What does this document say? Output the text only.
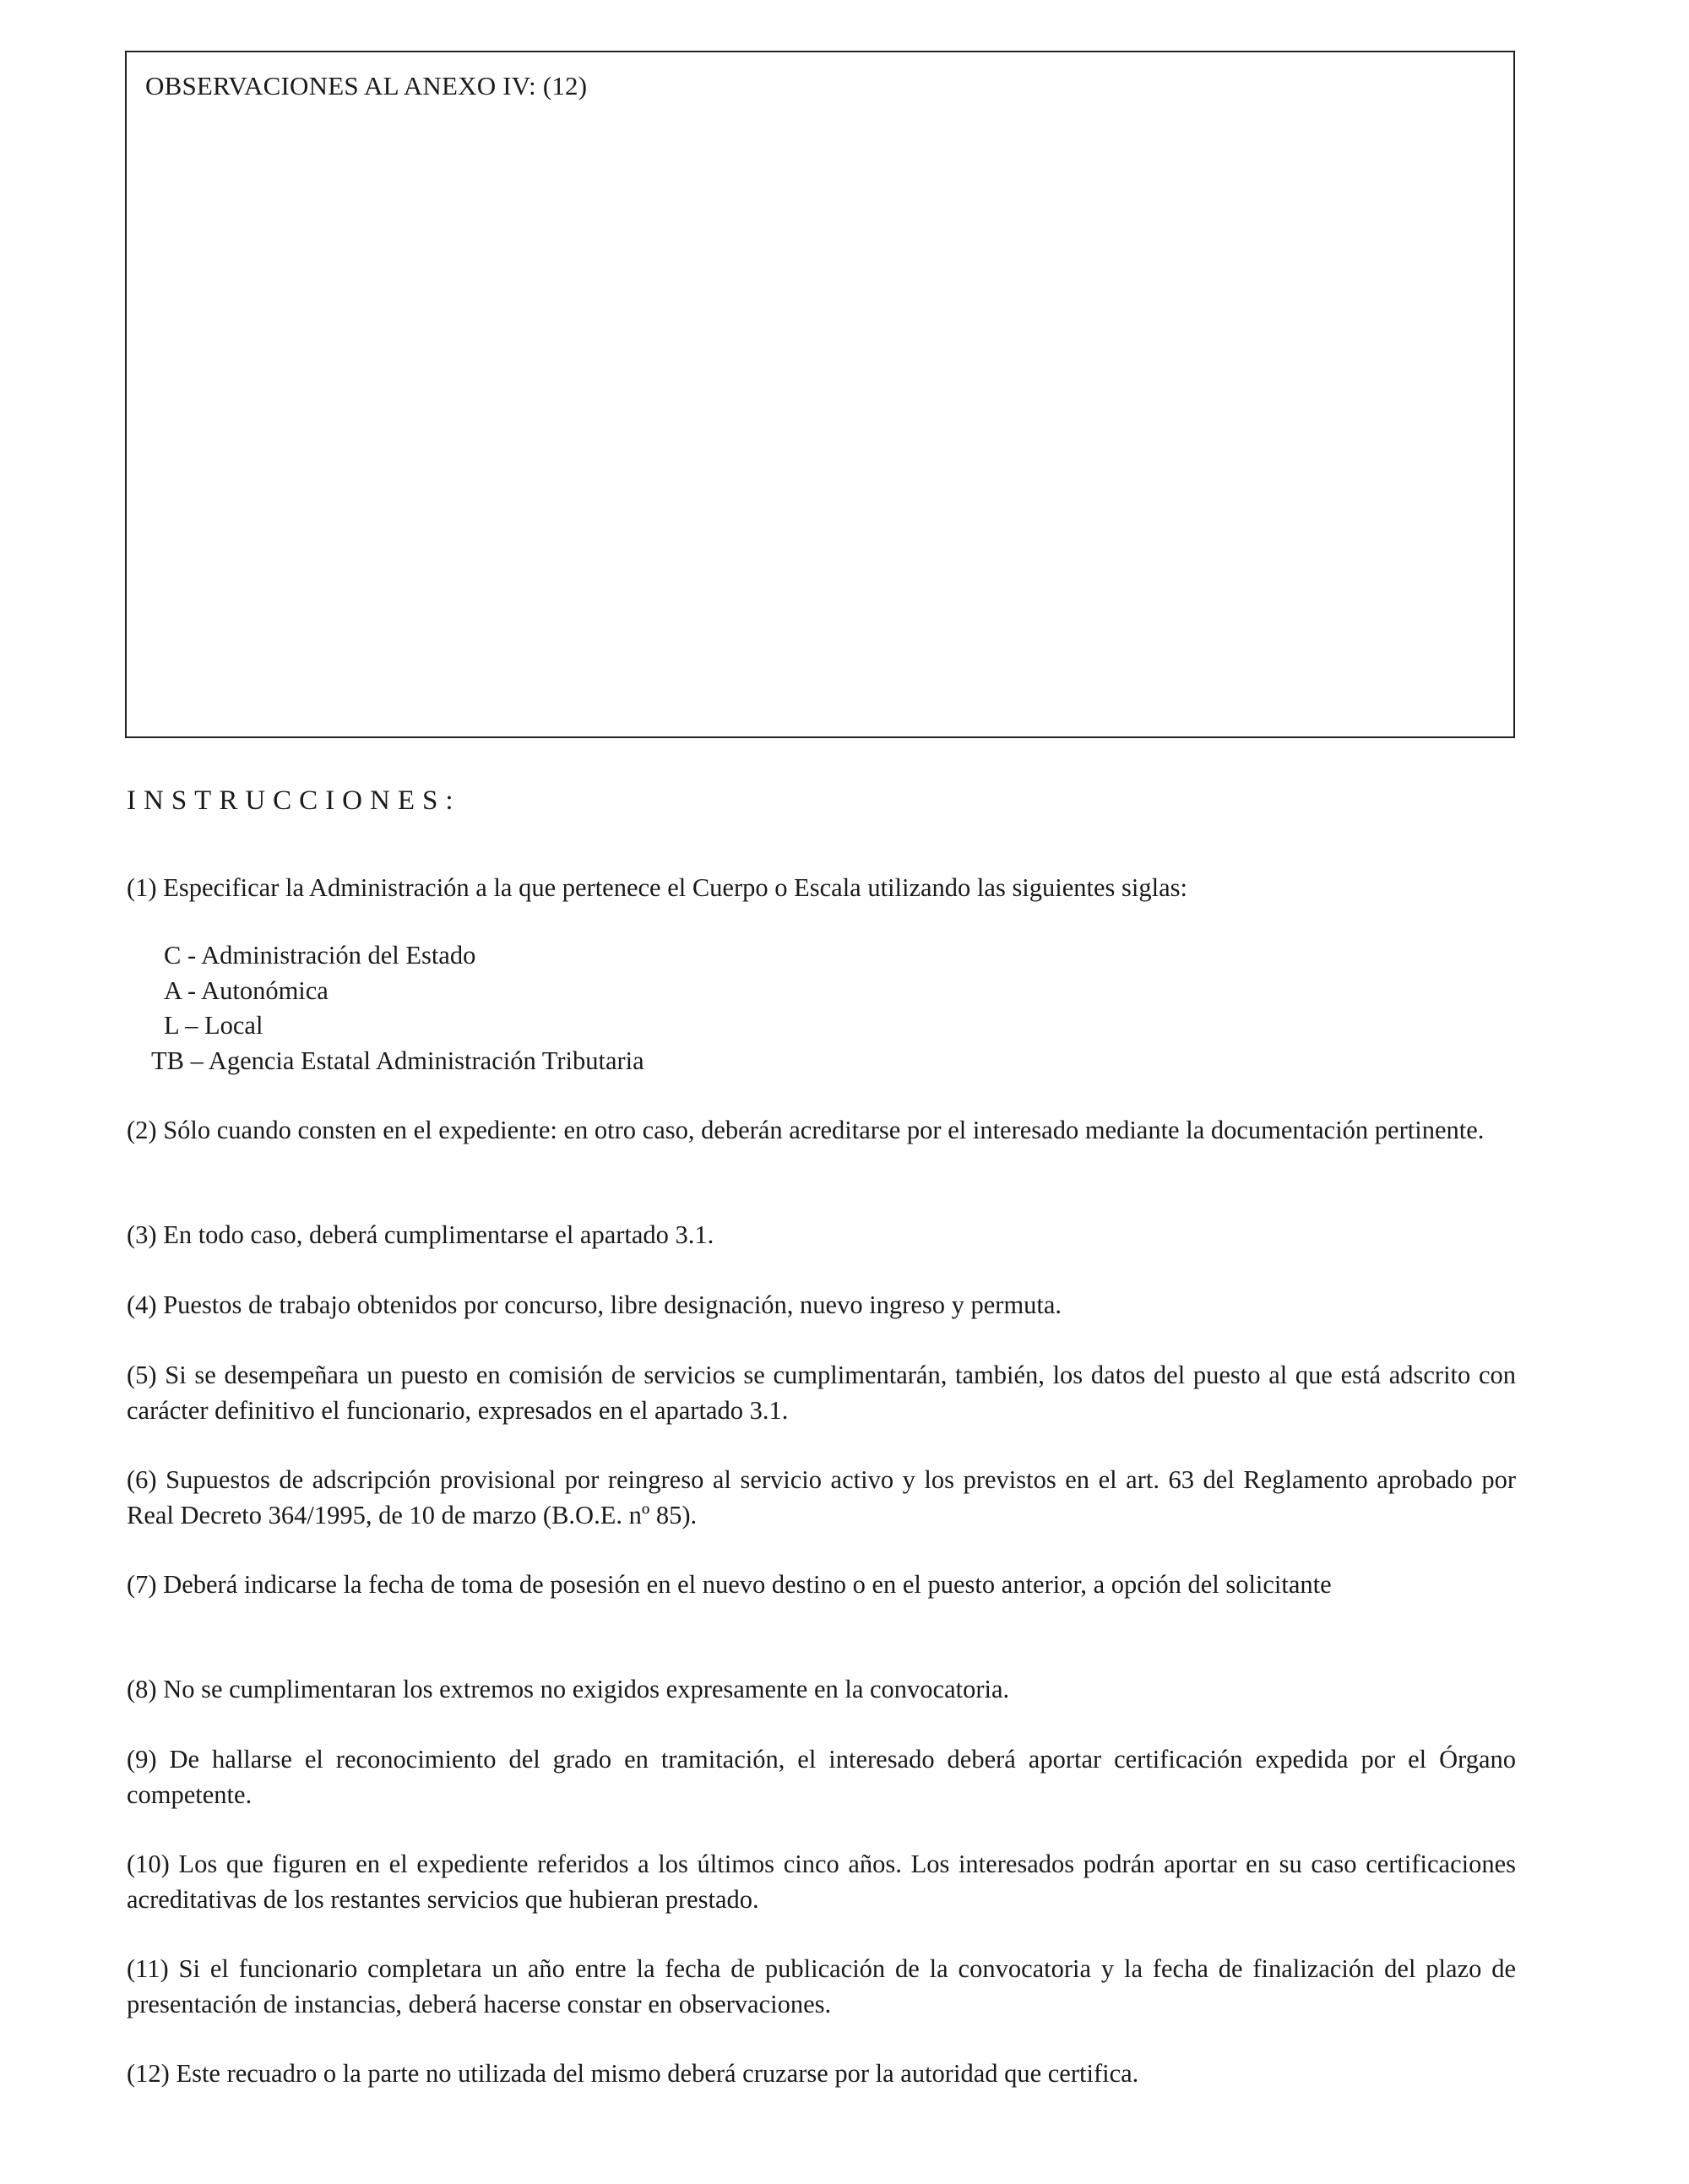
OBSERVACIONES AL ANEXO IV: (12)
INSTRUCCIONES:

(1) Especificar la Administración a la que pertenece el Cuerpo o Escala utilizando las siguientes siglas:

C - Administración del Estado
A - Autonómica
L – Local
TB – Agencia Estatal Administración Tributaria

(2) Sólo cuando consten en el expediente: en otro caso, deberán acreditarse por el interesado mediante la documentación pertinente.

(3) En todo caso, deberá cumplimentarse el apartado 3.1.

(4) Puestos de trabajo obtenidos por concurso, libre designación, nuevo ingreso y permuta.

(5) Si se desempeñara un puesto en comisión de servicios se cumplimentarán, también, los datos del puesto al que está adscrito con carácter definitivo el funcionario, expresados en el apartado 3.1.

(6) Supuestos de adscripción provisional por reingreso al servicio activo y los previstos en el art. 63 del Reglamento aprobado por Real Decreto 364/1995, de 10 de marzo (B.O.E. nº 85).

(7) Deberá indicarse la fecha de toma de posesión en el nuevo destino o en el puesto anterior, a opción del solicitante

(8) No se cumplimentaran los extremos no exigidos expresamente en la convocatoria.

(9) De hallarse el reconocimiento del grado en tramitación, el interesado deberá aportar certificación expedida por el Órgano competente.

(10) Los que figuren en el expediente referidos a los últimos cinco años. Los interesados podrán aportar en su caso certificaciones acreditativas de los restantes servicios que hubieran prestado.

(11) Si el funcionario completara un año entre la fecha de publicación de la convocatoria y la fecha de finalización del plazo de presentación de instancias, deberá hacerse constar en observaciones.

(12) Este recuadro o la parte no utilizada del mismo deberá cruzarse por la autoridad que certifica.
